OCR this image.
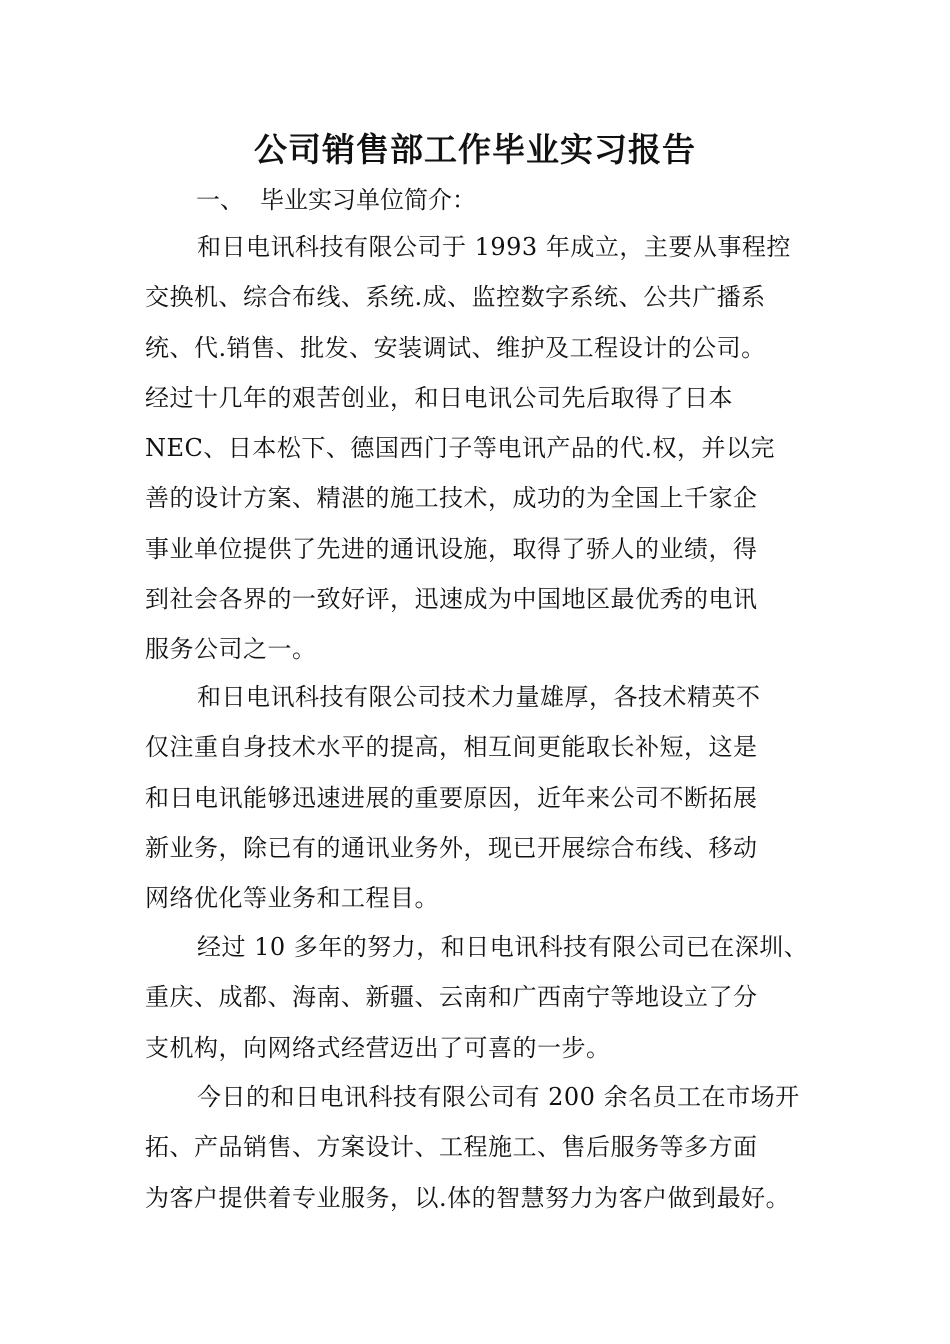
公司销售部工作毕业实习报告
一、 毕业实习单位简介：
和日电讯科技有限公司于 1993 年成立，主要从事程控
交换机、综合布线、系统.成、监控数字系统、公共广播系
统、代.销售、批发、安装调试、维护及工程设计的公司。
经过十几年的艰苦创业，和日电讯公司先后取得了日本
NEC、日本松下、德国西门子等电讯产品的代.权，并以完
善的设计方案、精湛的施工技术，成功的为全国上千家企
事业单位提供了先进的通讯设施，取得了骄人的业绩，得
到社会各界的一致好评，迅速成为中国地区最优秀的电讯
服务公司之一。
和日电讯科技有限公司技术力量雄厚，各技术精英不
仅注重自身技术水平的提高，相互间更能取长补短，这是
和日电讯能够迅速进展的重要原因，近年来公司不断拓展
新业务，除已有的通讯业务外，现已开展综合布线、移动
网络优化等业务和工程目。
经过 10 多年的努力，和日电讯科技有限公司已在深圳、
重庆、成都、海南、新疆、云南和广西南宁等地设立了分
支机构，向网络式经营迈出了可喜的一步。
今日的和日电讯科技有限公司有 200 余名员工在市场开
拓、产品销售、方案设计、工程施工、售后服务等多方面
为客户提供着专业服务，以.体的智慧努力为客户做到最好。
